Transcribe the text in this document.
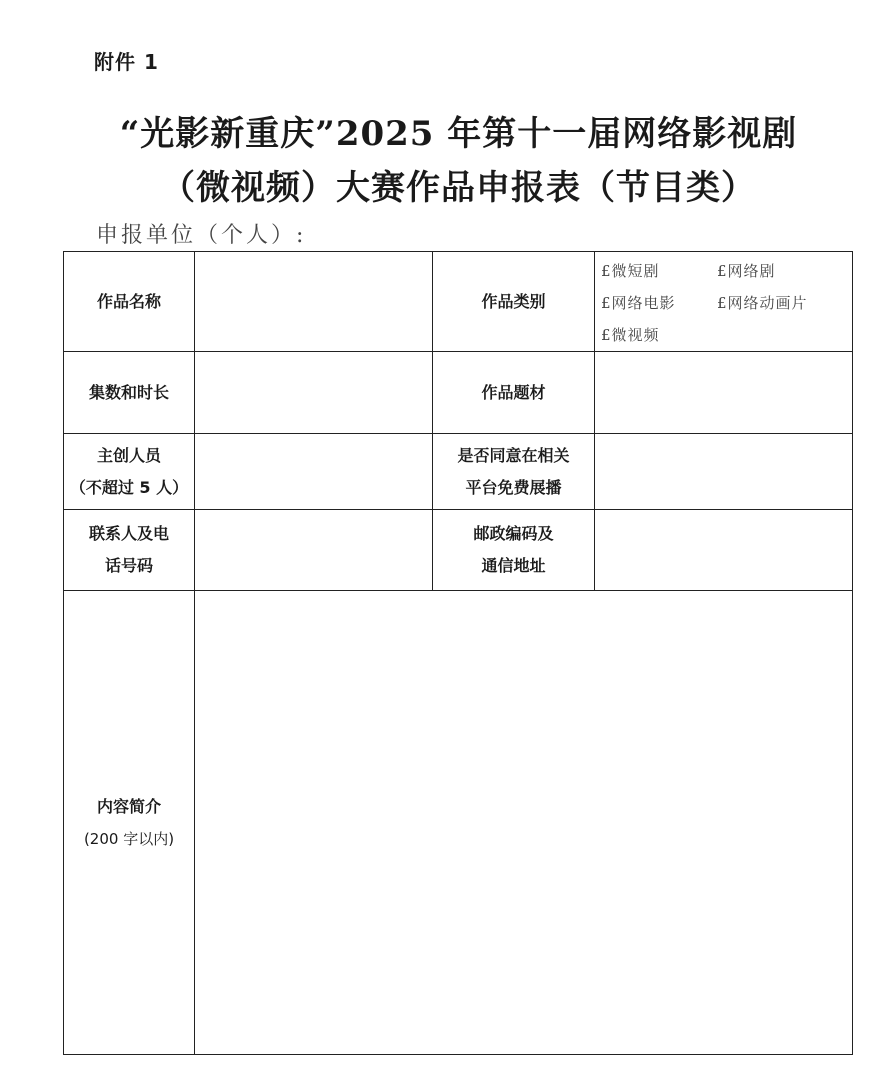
附件 1
“光影新重庆”2025 年第十一届网络影视剧
（微视频）大赛作品申报表（节目类）
申报单位（个人）:
作品名称		作品类别	£微短剧 £网络剧
£网络电影 £网络动画片
£微视频

集数和时长		作品题材	

主创人员
（不超过 5 人）		是否同意在相关
平台免费展播	

联系人及电
话号码		邮政编码及
通信地址	

内容简介
(200 字以内)			
